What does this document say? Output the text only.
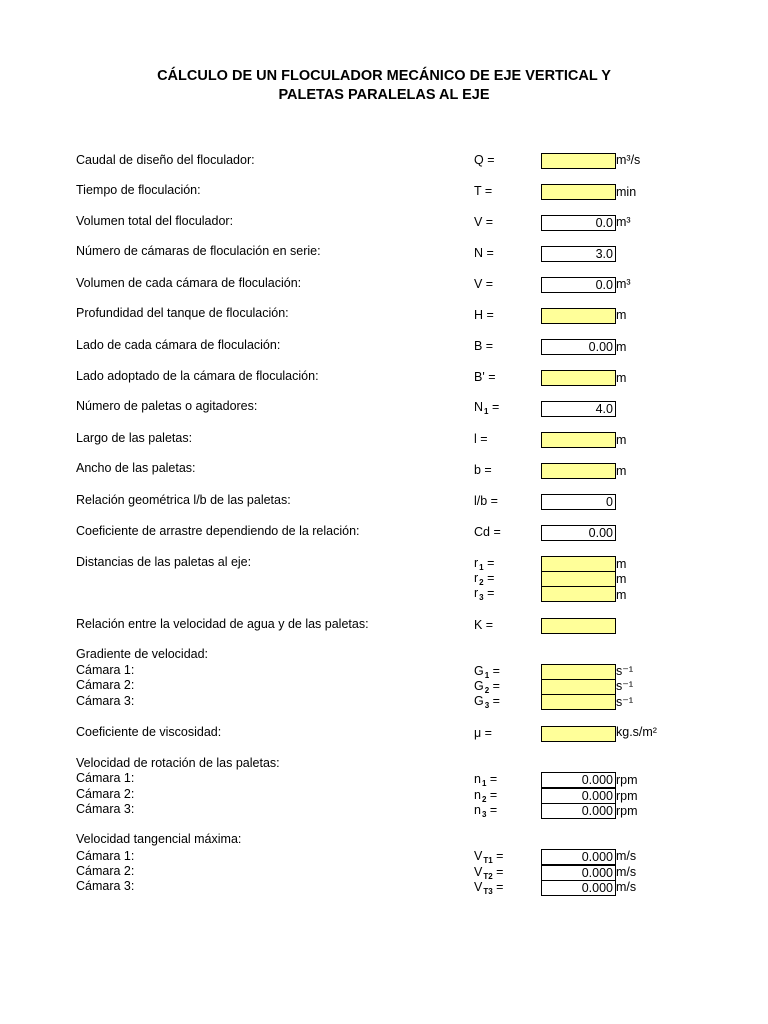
CÁLCULO DE UN FLOCULADOR MECÁNICO DE EJE VERTICAL Y
PALETAS PARALELAS AL EJE
Caudal de diseño del floculador:	Q =	m³/s
Tiempo de floculación:	T =	min
Volumen total del floculador:	V =	0.0 m³
Número de cámaras de floculación en serie:	N =	3.0
Volumen de cada cámara de floculación:	V =	0.0 m³
Profundidad del tanque de floculación:	H =	m
Lado de cada cámara de floculación:	B =	0.00 m
Lado adoptado de la cámara de floculación:	B' =	m
Número de paletas o agitadores:	$N_1$ =	4.0
Largo de las paletas:	l =	m
Ancho de las paletas:	b =	m
Relación geométrica l/b de las paletas:	l/b =	0
Coeficiente de arrastre dependiendo de la relación:	Cd =	0.00
Distancias de las paletas al eje:	$r_1$ =	m
$r_2$ =	m
$r_3$ =	m
Relación entre la velocidad de agua y de las paletas:	K =
Gradiente de velocidad:
Cámara 1:	$G_1$ =	s⁻¹
Cámara 2:	$G_2$ =	s⁻¹
Cámara 3:	$G_3$ =	s⁻¹
Coeficiente de viscosidad:	μ =	kg.s/m²
Velocidad de rotación de las paletas:
Cámara 1:	$n_1$ =	0.000 rpm
Cámara 2:	$n_2$ =	0.000 rpm
Cámara 3:	$n_3$ =	0.000 rpm
Velocidad tangencial máxima:
Cámara 1:	$V_{T1}$ =	0.000 m/s
Cámara 2:	$V_{T2}$ =	0.000 m/s
Cámara 3:	$V_{T3}$ =	0.000 m/s
